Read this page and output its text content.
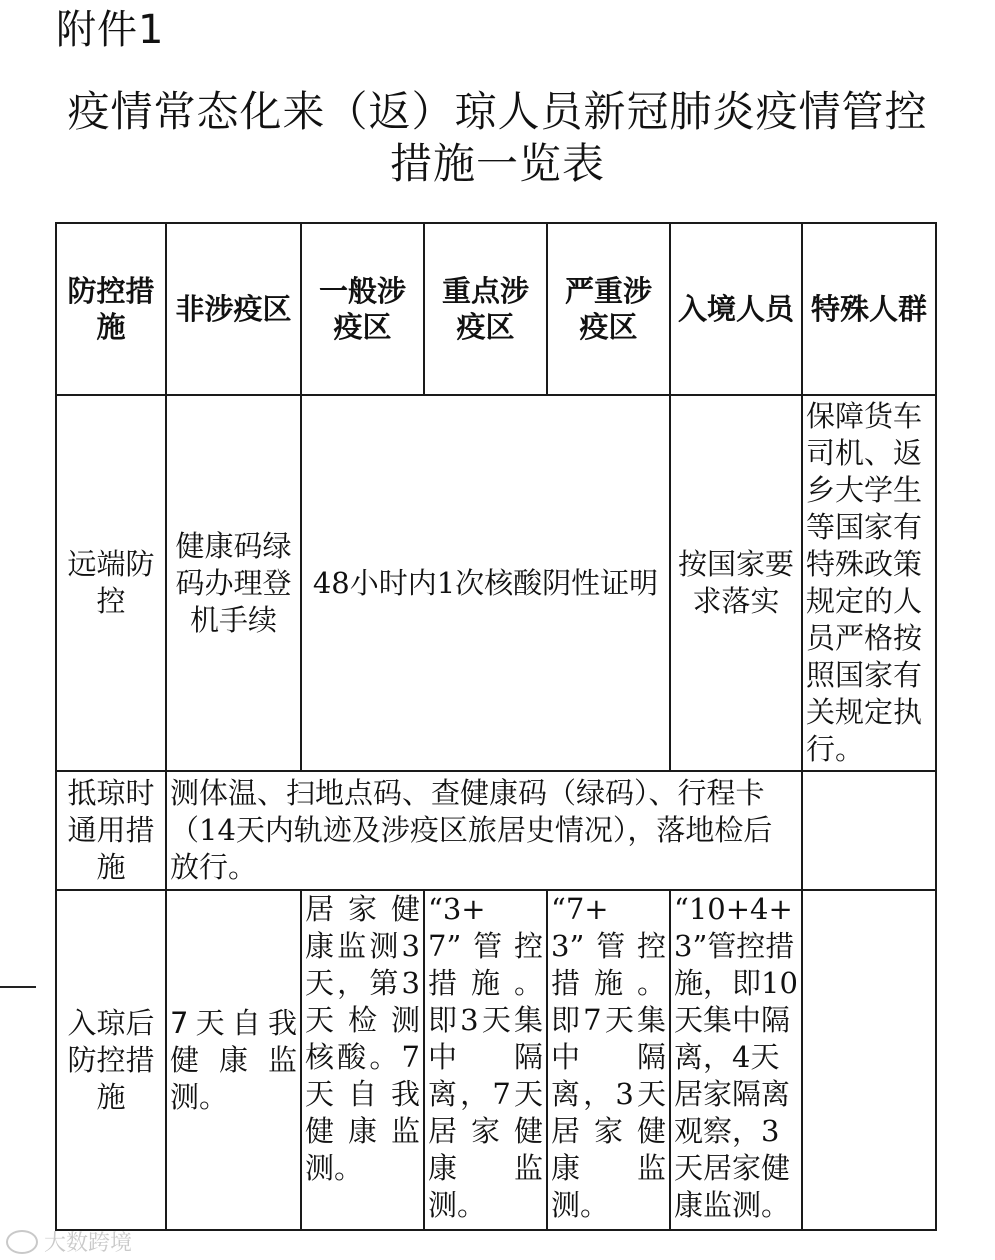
附件1
疫情常态化来（返）琼人员新冠肺炎疫情管控
措施一览表
防控措施	非涉疫区	一般涉疫区	重点涉疫区	严重涉疫区	入境人员	特殊人群
远端防控	健康码绿码办理登机手续	48小时内1次核酸阴性证明			按国家要求落实	保障货车司机、返乡大学生等国家有特殊政策规定的人员严格按照国家有关规定执行。
抵琼时通用措施	测体温、扫地点码、查健康码（绿码）、行程卡（14天内轨迹及涉疫区旅居史情况），落地检后放行。					
入琼后防控措施	7天自我健康监测。	居家健康监测3天，第3天检测核酸。7天自我健康监测。	“3+7”管控措施。即3天集中隔离，7天居家健康监测。	“7+3”管控措施。即7天集中隔离，3天居家健康监测。	“10+4+3”管控措施，即10天集中隔离，4天居家隔离观察，3天居家健康监测。	
大数跨境
